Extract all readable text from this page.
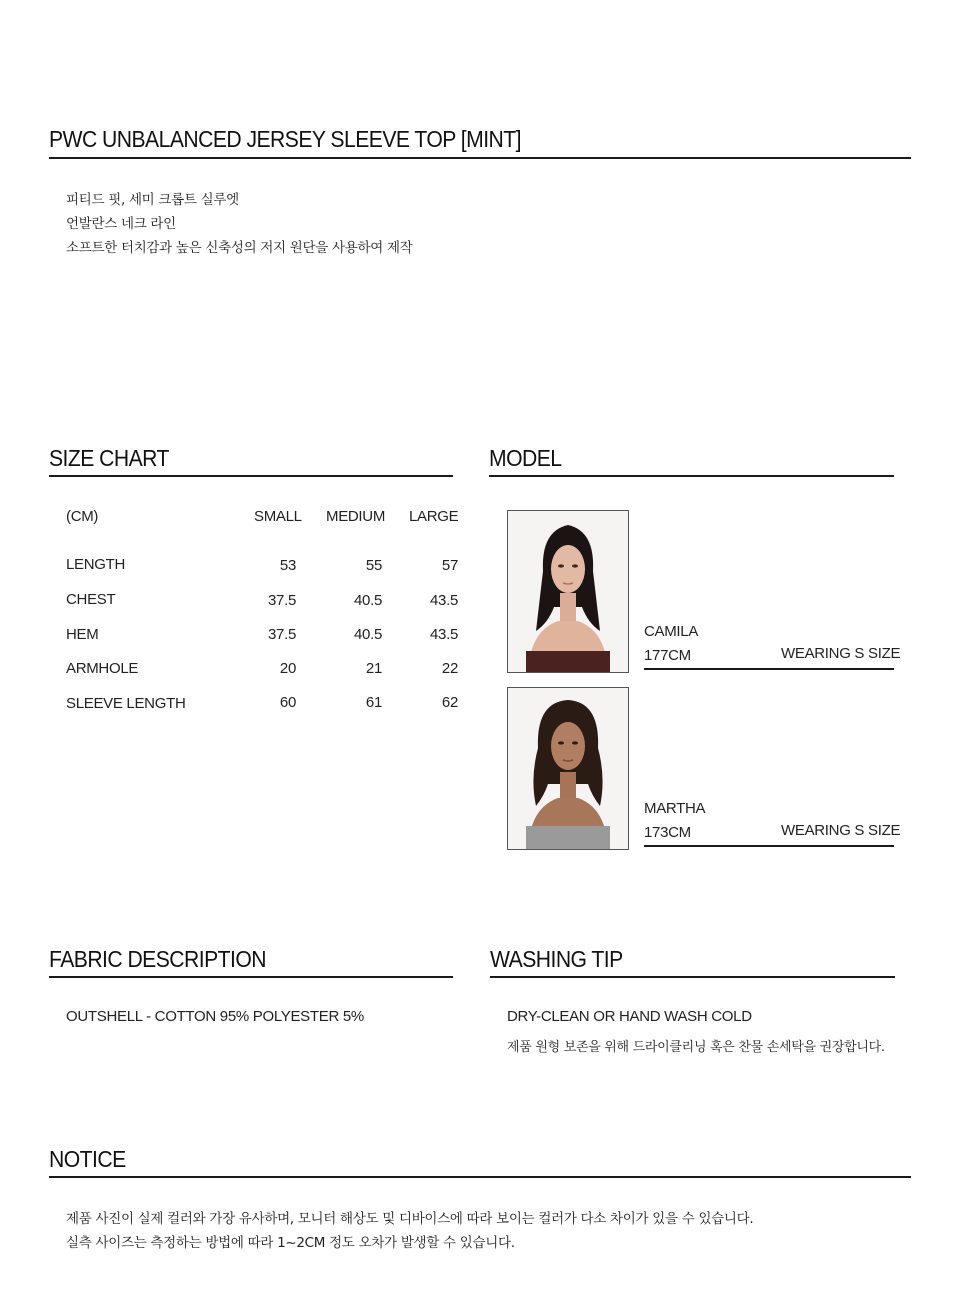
PWC UNBALANCED JERSEY SLEEVE TOP [MINT]
피티드 핏, 세미 크롭트 실루엣
언발란스 네크 라인
소프트한 터치감과 높은 신축성의 저지 원단을 사용하여 제작
SIZE CHART
(CM)	SMALL MEDIUM LARGE
LENGTH	53	55	57
CHEST	37.5	40.5	43.5
HEM	37.5	40.5	43.5
ARMHOLE	20	21	22
SLEEVE LENGTH	60	61	62
MODEL
CAMILA
177CM	WEARING S SIZE
MARTHA
173CM	WEARING S SIZE
FABRIC DESCRIPTION
OUTSHELL - COTTON 95% POLYESTER 5%
WASHING TIP
DRY-CLEAN OR HAND WASH COLD
제품 원형 보존을 위해 드라이클리닝 혹은 찬물 손세탁을 권장합니다.
NOTICE
제품 사진이 실제 컬러와 가장 유사하며, 모니터 해상도 및 디바이스에 따라 보이는 컬러가 다소 차이가 있을 수 있습니다.
실측 사이즈는 측정하는 방법에 따라 1~2CM 정도 오차가 발생할 수 있습니다.
